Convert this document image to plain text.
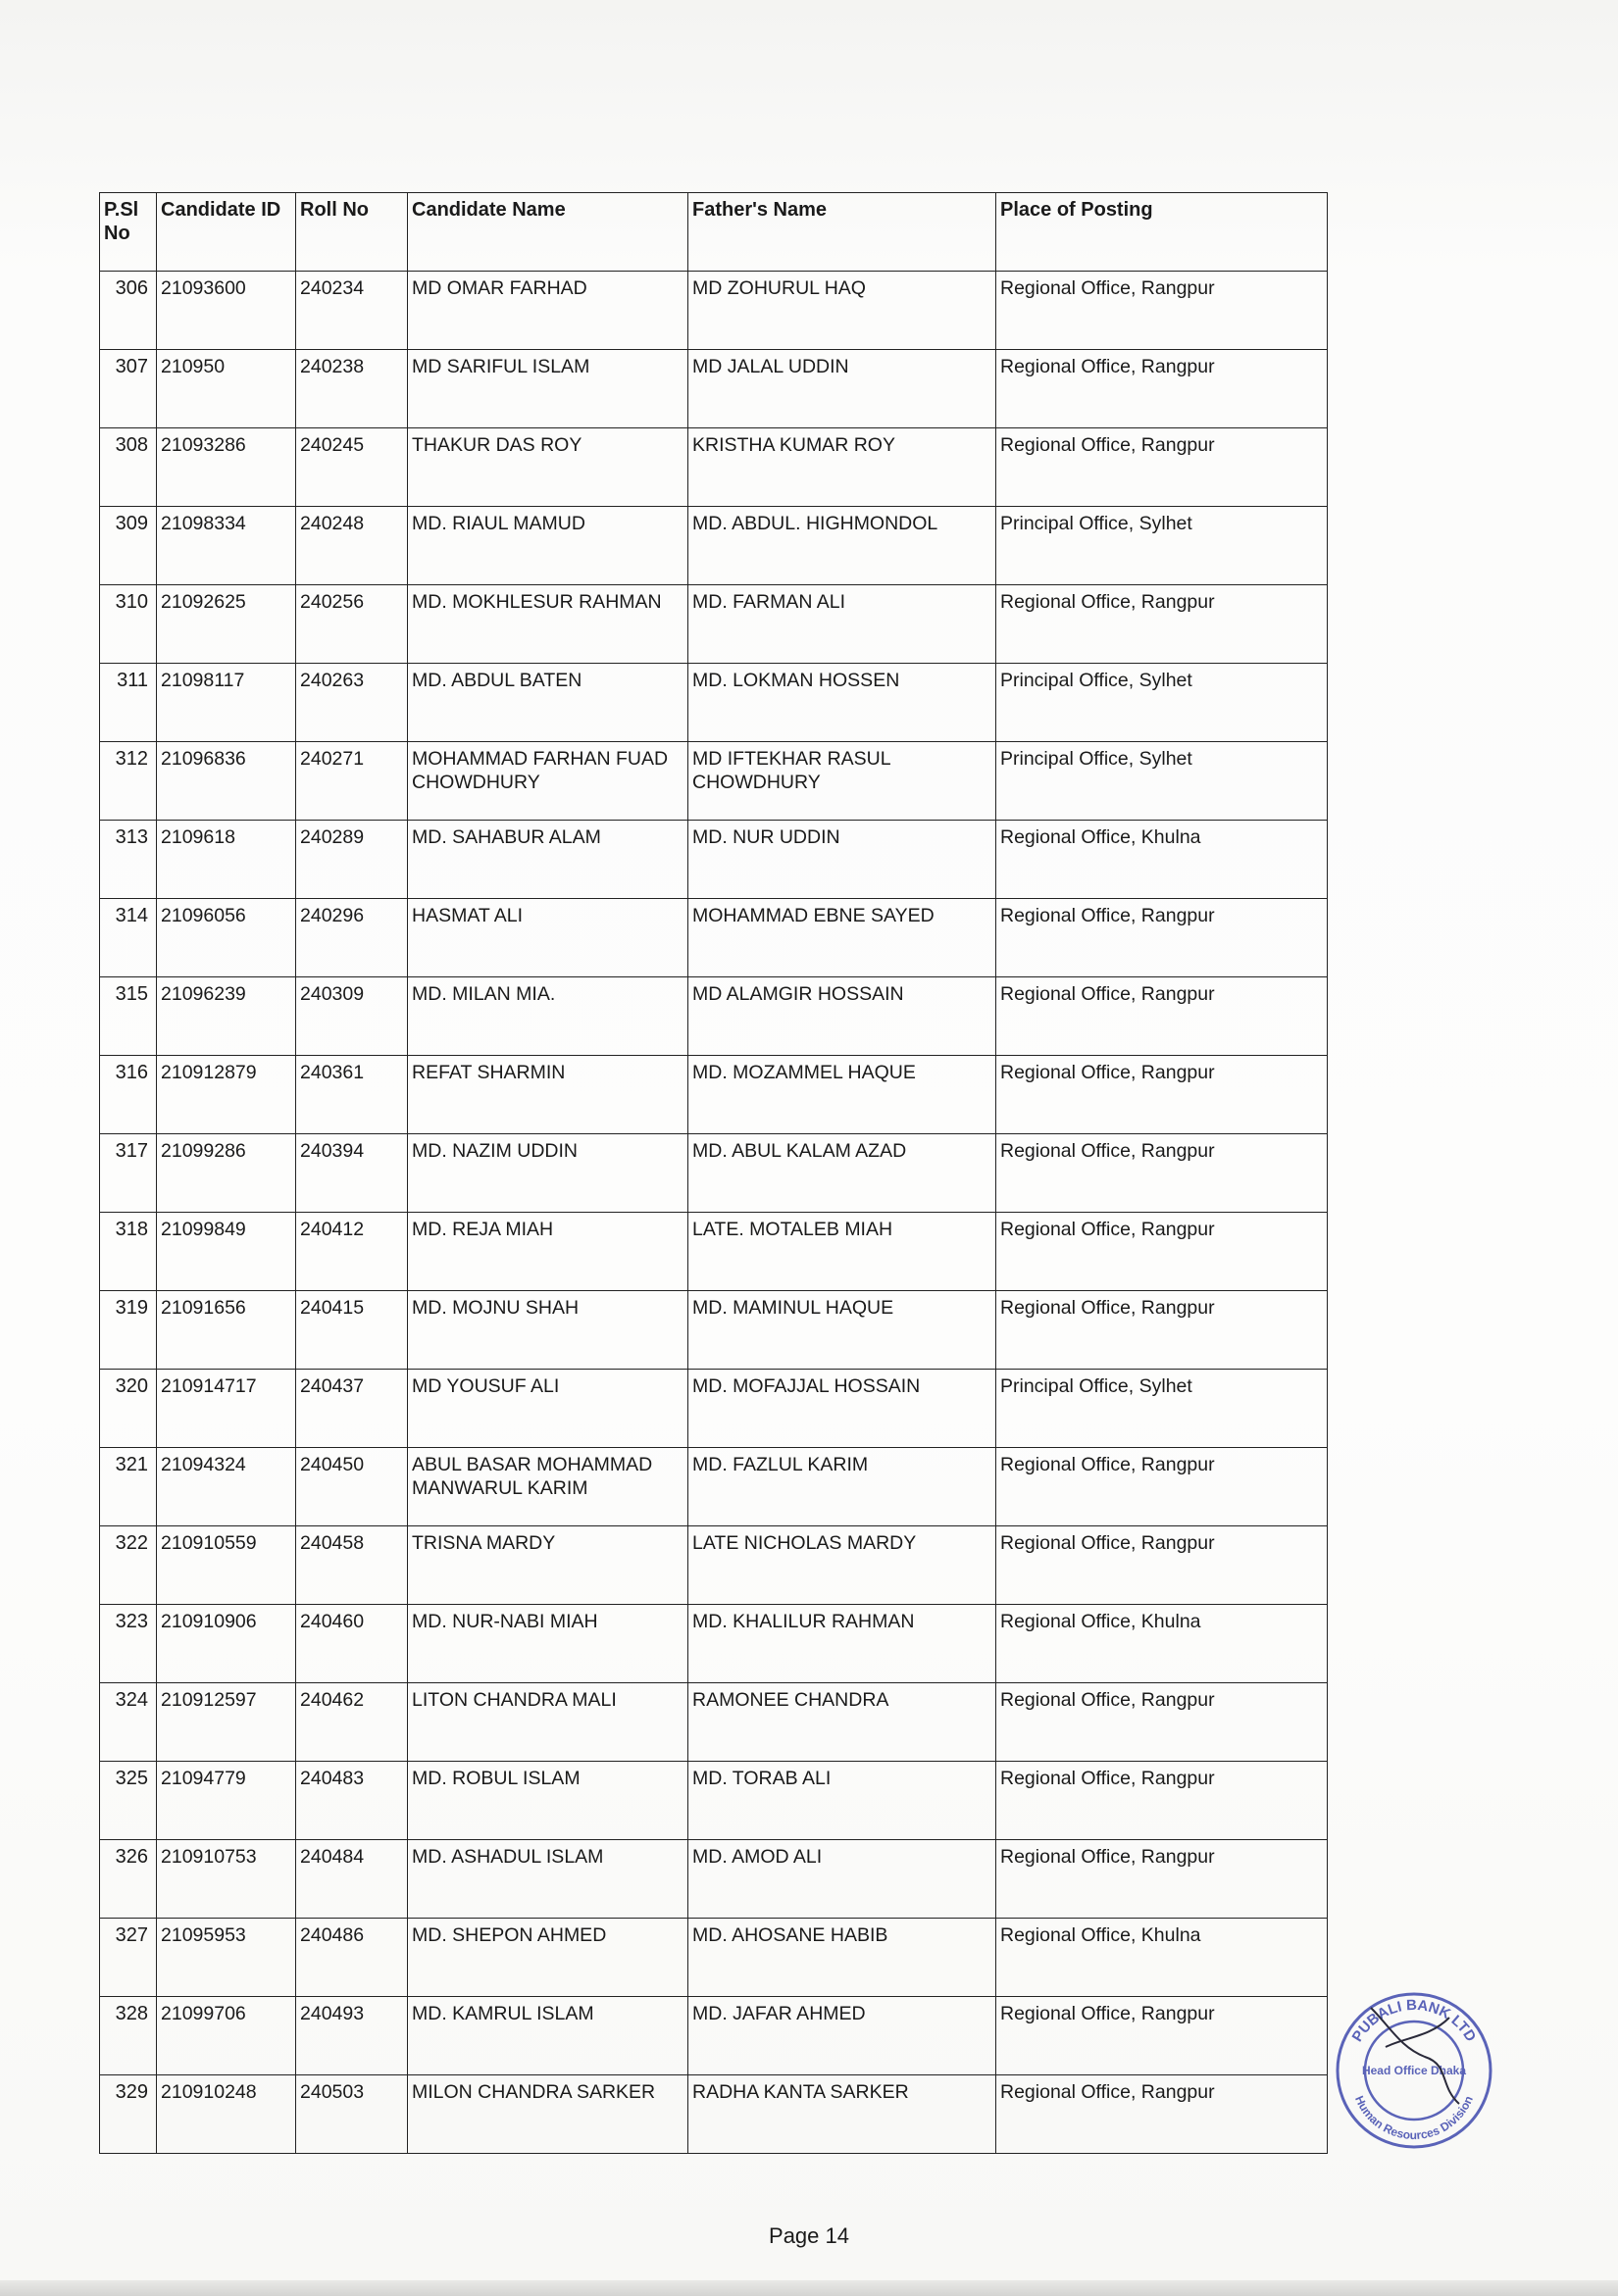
P.Sl No	Candidate ID	Roll No	Candidate Name	Father's Name	Place of Posting
306	21093600	240234	MD OMAR FARHAD	MD ZOHURUL HAQ	Regional Office, Rangpur
307	210950	240238	MD SARIFUL ISLAM	MD JALAL UDDIN	Regional Office, Rangpur
308	21093286	240245	THAKUR DAS ROY	KRISTHA KUMAR ROY	Regional Office, Rangpur
309	21098334	240248	MD. RIAUL MAMUD	MD. ABDUL. HIGHMONDOL	Principal Office, Sylhet
310	21092625	240256	MD. MOKHLESUR RAHMAN	MD. FARMAN ALI	Regional Office, Rangpur
311	21098117	240263	MD. ABDUL BATEN	MD. LOKMAN HOSSEN	Principal Office, Sylhet
312	21096836	240271	MOHAMMAD FARHAN FUAD CHOWDHURY	MD IFTEKHAR RASUL CHOWDHURY	Principal Office, Sylhet
313	2109618	240289	MD. SAHABUR ALAM	MD. NUR UDDIN	Regional Office, Khulna
314	21096056	240296	HASMAT ALI	MOHAMMAD EBNE SAYED	Regional Office, Rangpur
315	21096239	240309	MD. MILAN MIA.	MD ALAMGIR HOSSAIN	Regional Office, Rangpur
316	210912879	240361	REFAT SHARMIN	MD. MOZAMMEL HAQUE	Regional Office, Rangpur
317	21099286	240394	MD. NAZIM UDDIN	MD. ABUL KALAM AZAD	Regional Office, Rangpur
318	21099849	240412	MD. REJA MIAH	LATE. MOTALEB MIAH	Regional Office, Rangpur
319	21091656	240415	MD. MOJNU SHAH	MD. MAMINUL HAQUE	Regional Office, Rangpur
320	210914717	240437	MD YOUSUF ALI	MD. MOFAJJAL HOSSAIN	Principal Office, Sylhet
321	21094324	240450	ABUL BASAR MOHAMMAD MANWARUL KARIM	MD. FAZLUL KARIM	Regional Office, Rangpur
322	210910559	240458	TRISNA MARDY	LATE NICHOLAS MARDY	Regional Office, Rangpur
323	210910906	240460	MD. NUR-NABI MIAH	MD. KHALILUR RAHMAN	Regional Office, Khulna
324	210912597	240462	LITON CHANDRA MALI	RAMONEE CHANDRA	Regional Office, Rangpur
325	21094779	240483	MD. ROBUL ISLAM	MD. TORAB ALI	Regional Office, Rangpur
326	210910753	240484	MD. ASHADUL ISLAM	MD. AMOD ALI	Regional Office, Rangpur
327	21095953	240486	MD. SHEPON AHMED	MD. AHOSANE HABIB	Regional Office, Khulna
328	21099706	240493	MD. KAMRUL ISLAM	MD. JAFAR AHMED	Regional Office, Rangpur
329	210910248	240503	MILON CHANDRA SARKER	RADHA KANTA SARKER	Regional Office, Rangpur
PUBALI BANK LTD
Human Resources Division
Head Office Dhaka
Page 14
